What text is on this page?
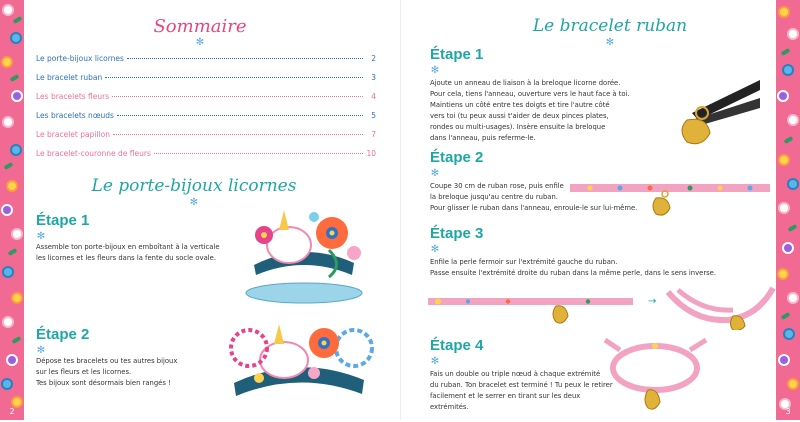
2	3
Sommaire
✻
Le porte-bijoux licornes	2
Le bracelet ruban	3
Les bracelets fleurs	4
Les bracelets nœuds	5
Le bracelet papillon	7
Le bracelet-couronne de fleurs	10
Le porte-bijoux licornes
✻
Étape 1
✻
Assemble ton porte-bijoux en emboîtant à la verticale
les licornes et les fleurs dans la fente du socle ovale.
Étape 2
✻
Dépose tes bracelets ou tes autres bijoux
sur les fleurs et les licornes.
Tes bijoux sont désormais bien rangés !
Le bracelet ruban
✻
Étape 1
✻
Ajoute un anneau de liaison à la breloque licorne dorée.
Pour cela, tiens l'anneau, ouverture vers le haut face à toi.
Maintiens un côté entre tes doigts et tire l'autre côté
vers toi (tu peux aussi t'aider de deux pinces plates,
rondes ou multi-usages). Insère ensuite la breloque
dans l'anneau, puis referme-le.
Étape 2
✻
Coupe 30 cm de ruban rose, puis enfile
la breloque jusqu'au centre du ruban.
Pour glisser le ruban dans l'anneau, enroule-le sur lui-même.
Étape 3
✻
Enfile la perle fermoir sur l'extrémité gauche du ruban.
Passe ensuite l'extrémité droite du ruban dans la même perle, dans le sens inverse.
→
Étape 4
✻
Fais un double ou triple nœud à chaque extrémité
du ruban. Ton bracelet est terminé ! Tu peux le retirer
facilement et le serrer en tirant sur les deux extrémités.
